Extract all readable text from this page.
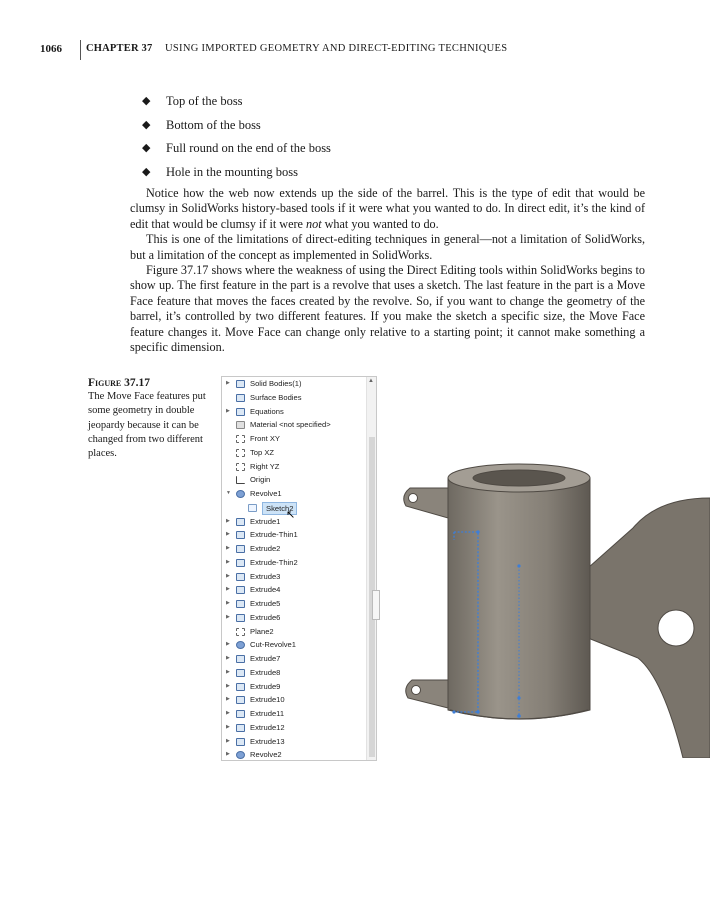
1066 CHAPTER 37 USING IMPORTED GEOMETRY AND DIRECT-EDITING TECHNIQUES
◆ Top of the boss
◆ Bottom of the boss
◆ Full round on the end of the boss
◆ Hole in the mounting boss

Notice how the web now extends up the side of the barrel. This is the type of edit that would be clumsy in SolidWorks history-based tools if it were what you wanted to do. In direct edit, it’s the kind of edit that would be clumsy if it were not what you wanted to do.

This is one of the limitations of direct-editing techniques in general—not a limitation of SolidWorks, but a limitation of the concept as implemented in SolidWorks.

Figure 37.17 shows where the weakness of using the Direct Editing tools within SolidWorks begins to show up. The first feature in the part is a revolve that uses a sketch. The last feature in the part is a Move Face feature that moves the faces created by the revolve. So, if you want to change the geometry of the barrel, it’s controlled by two different features. If you make the sketch a specific size, the Move Face feature changes it. Move Face can change only relative to a starting point; it cannot make something a specific dimension.

Figure 37.17
The Move Face features put some geometry in double jeopardy because it can be changed from two different places.
▶	Solid Bodies(1)
Surface Bodies
▶	Equations
Material <not specified>
Front XY
Top XZ
Right YZ
Origin
▼	Revolve1
Sketch2
▶	Extrude1
▶	Extrude-Thin1
▶	Extrude2
▶	Extrude-Thin2
▶	Extrude3
▶	Extrude4
▶	Extrude5
▶	Extrude6
Plane2
▶	Cut-Revolve1
▶	Extrude7
▶	Extrude8
▶	Extrude9
▶	Extrude10
▶	Extrude11
▶	Extrude12
▶	Extrude13
▶	Revolve2
▲
↖
